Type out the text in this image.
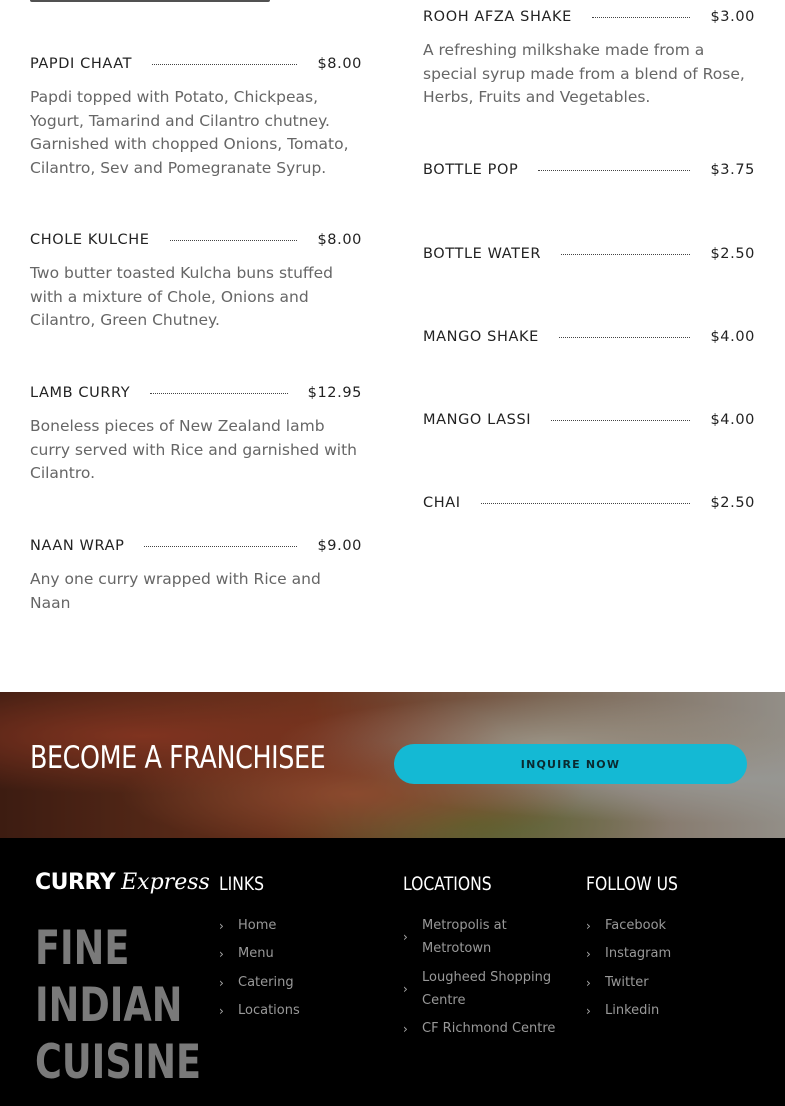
PAPDI CHAAT	$8.00
Papdi topped with Potato, Chickpeas, Yogurt, Tamarind and Cilantro chutney. Garnished with chopped Onions, Tomato, Cilantro, Sev and Pomegranate Syrup.
CHOLE KULCHE	$8.00
Two butter toasted Kulcha buns stuffed with a mixture of Chole, Onions and Cilantro, Green Chutney.
LAMB CURRY	$12.95
Boneless pieces of New Zealand lamb curry served with Rice and garnished with Cilantro.
NAAN WRAP	$9.00
Any one curry wrapped with Rice and Naan
ROOH AFZA SHAKE	$3.00
A refreshing milkshake made from a special syrup made from a blend of Rose, Herbs, Fruits and Vegetables.
BOTTLE POP	$3.75
BOTTLE WATER	$2.50
MANGO SHAKE	$4.00
MANGO LASSI	$4.00
CHAI	$2.50
BECOME A FRANCHISEE	INQUIRE NOW
CURRY Express
FINE INDIAN CUISINE
LINKS
›	Home
›	Menu
›	Catering
›	Locations
LOCATIONS
›
Metropolis at Metrotown
›
Lougheed Shopping Centre
›	CF Richmond Centre
FOLLOW US
›	Facebook
›	Instagram
›	Twitter
›	Linkedin
